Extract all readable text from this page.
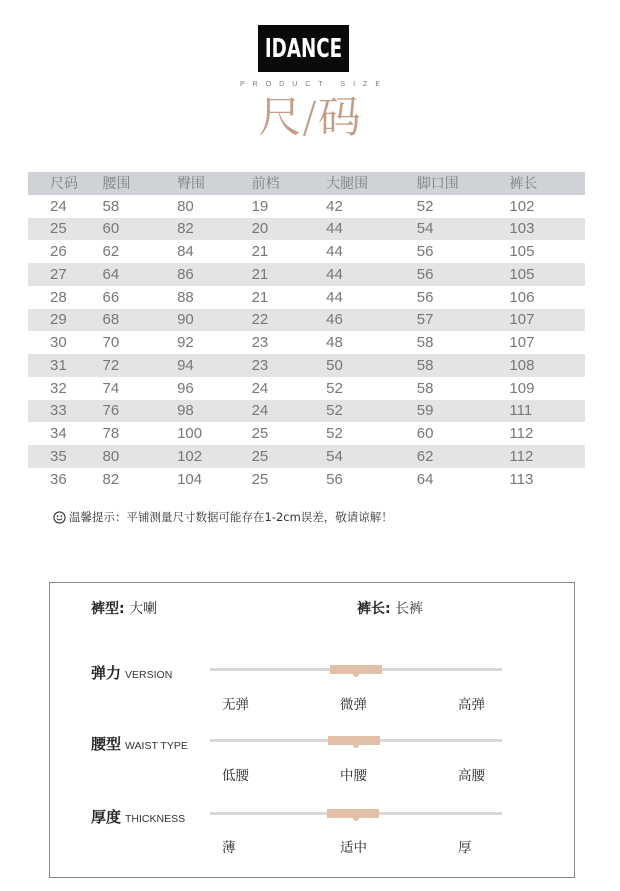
IDANCE
PRODUCT SIZE
尺/码
尺码	腰围	臀围	前档	大腿围	脚口围	裤长
24	58	80	19	42	52	102
25	60	82	20	44	54	103
26	62	84	21	44	56	105
27	64	86	21	44	56	105
28	66	88	21	44	56	106
29	68	90	22	46	57	107
30	70	92	23	48	58	107
31	72	94	23	50	58	108
32	74	96	24	52	58	109
33	76	98	24	52	59	111
34	78	100	25	52	60	112
35	80	102	25	54	62	112
36	82	104	25	56	64	113
温馨提示：平铺测量尺寸数据可能存在1-2cm误差，敬请谅解！
裤型: 大喇	裤长: 长裤
弹力 VERSION
无弹	微弹	高弹
腰型 WAIST TYPE
低腰	中腰	高腰
厚度 THICKNESS
薄	适中	厚
